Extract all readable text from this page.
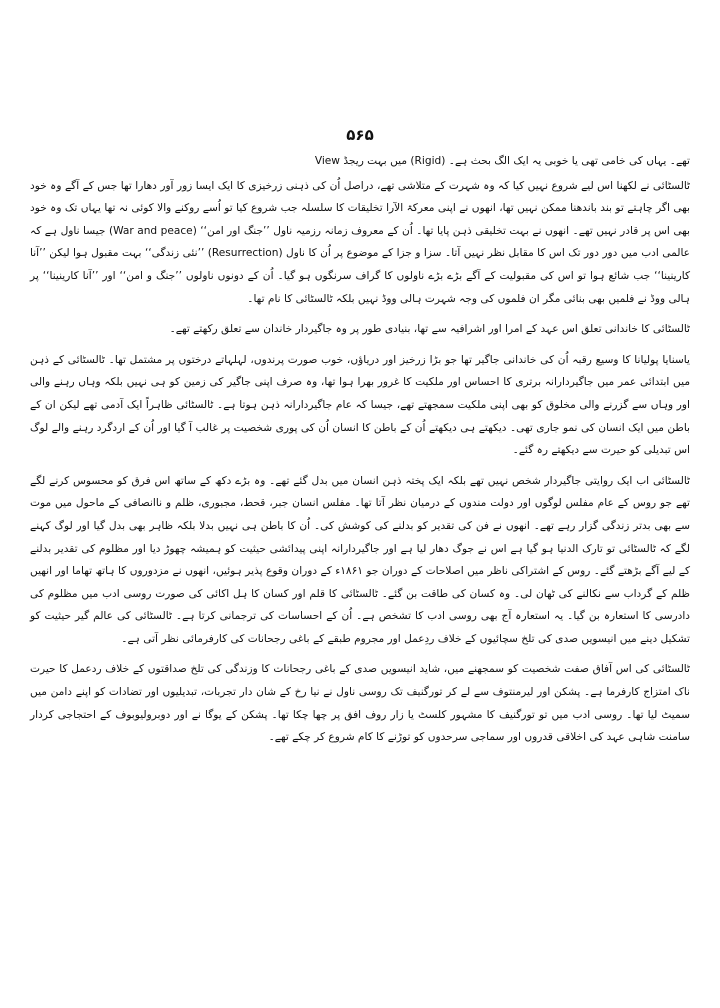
۵۶۵

View میں بہت ریجڈ (Rigid) تھے۔ یہاں کی خامی تھی یا خوبی یہ ایک الگ بحث ہے۔

ٹالسٹائی نے لکھنا اس لیے شروع نہیں کیا کہ وہ شہرت کے متلاشی تھے، دراصل اُن کی ذہنی زرخیزی کا ایک ایسا زور آور دھارا تھا جس کے آگے وہ خود بھی اگر چاہتے تو بند باندھنا ممکن نہیں تھا، انھوں نے اپنی معرکۃ الآرا تخلیقات کا سلسلہ جب شروع کیا تو اُسے روکنے والا کوئی نہ تھا یہاں تک وہ خود بھی اس پر قادر نہیں تھے۔ انھوں نے بہت تخلیقی ذہن پایا تھا۔ اُن کے معروف زمانہ رزمیہ ناول ’’جنگ اور امن‘‘ (War and peace) جیسا ناول ہے کہ عالمی ادب میں دور دور تک اس کا مقابل نظر نہیں آتا۔ سزا و جزا کے موضوع پر اُن کا ناول (Resurrection) ’’نئی زندگی‘‘ بہت مقبول ہوا لیکن ’’آنا کارینینا‘‘ جب شائع ہوا تو اس کی مقبولیت کے آگے بڑے بڑے ناولوں کا گراف سرنگوں ہو گیا۔ اُن کے دونوں ناولوں ’’جنگ و امن‘‘ اور ’’آنا کارینینا‘‘ پر ہالی ووڈ نے فلمیں بھی بنائی مگر ان فلموں کی وجہ شہرت ہالی ووڈ نہیں بلکہ ٹالسٹائی کا نام تھا۔

ٹالسٹائی کا خاندانی تعلق اس عہد کے امرا اور اشرافیہ سے تھا، بنیادی طور پر وہ جاگیردار خاندان سے تعلق رکھتے تھے۔

یاسنایا پولیانا کا وسیع رقبہ اُن کی خاندانی جاگیر تھا جو بڑا زرخیز اور دریاؤں، خوب صورت پرندوں، لہلہاتے درختوں پر مشتمل تھا۔ ٹالسٹائی کے ذہن میں ابتدائی عمر میں جاگیردارانہ برتری کا احساس اور ملکیت کا غرور بھرا ہوا تھا، وہ صرف اپنی جاگیر کی زمین کو ہی نہیں بلکہ وہاں رہنے والی اور وہاں سے گزرنے والی مخلوق کو بھی اپنی ملکیت سمجھتے تھے، جیسا کہ عام جاگیردارانہ ذہن ہوتا ہے۔ ٹالسٹائی ظاہراً ایک آدمی تھے لیکن ان کے باطن میں ایک انسان کی نمو جاری تھی۔ دیکھتے ہی دیکھتے اُن کے باطن کا انسان اُن کی پوری شخصیت پر غالب آ گیا اور اُن کے اردگرد رہنے والے لوگ اس تبدیلی کو حیرت سے دیکھتے رہ گئے۔

ٹالسٹائی اب ایک روایتی جاگیردار شخص نہیں تھے بلکہ ایک پختہ ذہن انسان میں بدل گئے تھے۔ وہ بڑے دکھ کے ساتھ اس فرق کو محسوس کرنے لگے تھے جو روس کے عام مفلس لوگوں اور دولت مندوں کے درمیان نظر آتا تھا۔ مفلس انسان جبر، قحط، مجبوری، ظلم و ناانصافی کے ماحول میں موت سے بھی بدتر زندگی گزار رہے تھے۔ انھوں نے فن کی تقدیر کو بدلنے کی کوشش کی۔ اُن کا باطن ہی نہیں بدلا بلکہ ظاہر بھی بدل گیا اور لوگ کہنے لگے کہ ٹالسٹائی تو تارک الدنیا ہو گیا ہے اس نے جوگ دھار لیا ہے اور جاگیردارانہ اپنی پیدائشی حیثیت کو ہمیشہ چھوڑ دیا اور مظلوم کی تقدیر بدلنے کے لیے آگے بڑھتے گئے۔ روس کے اشتراکی ناظر میں اصلاحات کے دوران جو ۱۸۶۱ء کے دوران وقوع پذیر ہوئیں، انھوں نے مزدوروں کا ہاتھ تھاما اور انھیں ظلم کے گرداب سے نکالنے کی ٹھان لی۔ وہ کسان کی طاقت بن گئے۔ ٹالسٹائی کا قلم اور کسان کا ہل اکائی کی صورت روسی ادب میں مظلوم کی دادرسی کا استعارہ بن گیا۔ یہ استعارہ آج بھی روسی ادب کا تشخص ہے۔ اُن کے احساسات کی ترجمانی کرتا ہے۔ ٹالسٹائی کی عالم گیر حیثیت کو تشکیل دینے میں انیسویں صدی کی تلخ سچائیوں کے خلاف ردِعمل اور مجروم طبقے کے باغی رجحانات کی کارفرمائی نظر آتی ہے۔

ٹالسٹائی کی اس آفاق صفت شخصیت کو سمجھنے میں، شاید انیسویں صدی کے باغی رجحانات کا وزندگی کی تلخ صداقتوں کے خلاف ردعمل کا حیرت ناک امتزاج کارفرما ہے۔ پشکن اور لیرمنتوف سے لے کر تورگنیف تک روسی ناول نے نیا رخ کے شان دار تجربات، تبدیلیوں اور تضادات کو اپنے دامن میں سمیٹ لیا تھا۔ روسی ادب میں تو تورگنیف کا مشہور کلسٹ یا زار روف افق پر چھا چکا تھا۔ پشکن کے یوگا نے اور دوبرولیوبوف کے احتجاجی کردار سامنت شاہی عہد کی اخلاقی قدروں اور سماجی سرحدوں کو توڑنے کا کام شروع کر چکے تھے۔
